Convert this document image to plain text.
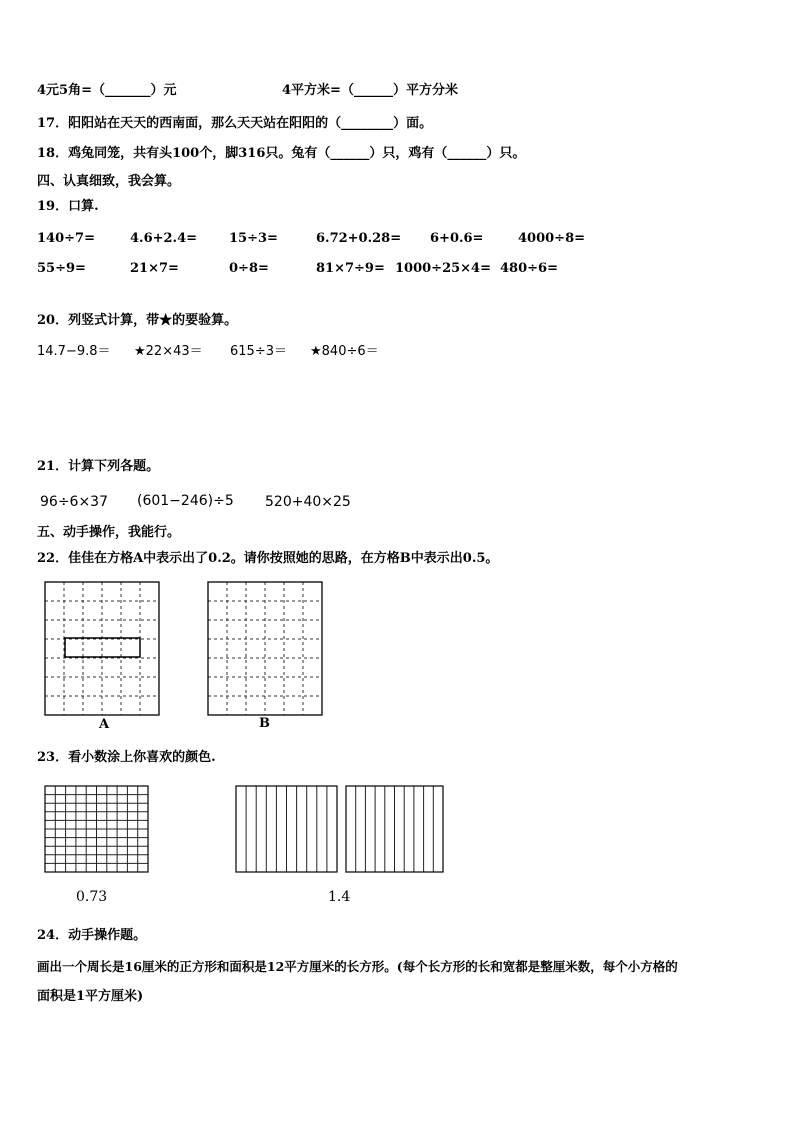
4元5角=（_______）元	4平方米=（______）平方分米
17．阳阳站在天天的西南面，那么天天站在阳阳的（________）面。
18．鸡兔同笼，共有头100个，脚316只。兔有（______）只，鸡有（______）只。
四、认真细致，我会算。
19．口算.
140÷7=	4.6+2.4= 15÷3=	6.72+0.28= 6+0.6=	4000÷8=
55÷9=	21×7=	0÷8=	81×7÷9= 1000÷25×4= 480÷6=
20．列竖式计算，带★的要验算。
14.7−9.8＝ ★22×43＝ 615÷3＝ ★840÷6＝
21．计算下列各题。
96÷6×37 (601−246)÷5 520+40×25
五、动手操作，我能行。
22．佳佳在方格A中表示出了0.2。请你按照她的思路，在方格B中表示出0.5。
A	B
23．看小数涂上你喜欢的颜色.
0.73	1.4
24．动手操作题。
画出一个周长是16厘米的正方形和面积是12平方厘米的长方形。(每个长方形的长和宽都是整厘米数，每个小方格的
面积是1平方厘米)
